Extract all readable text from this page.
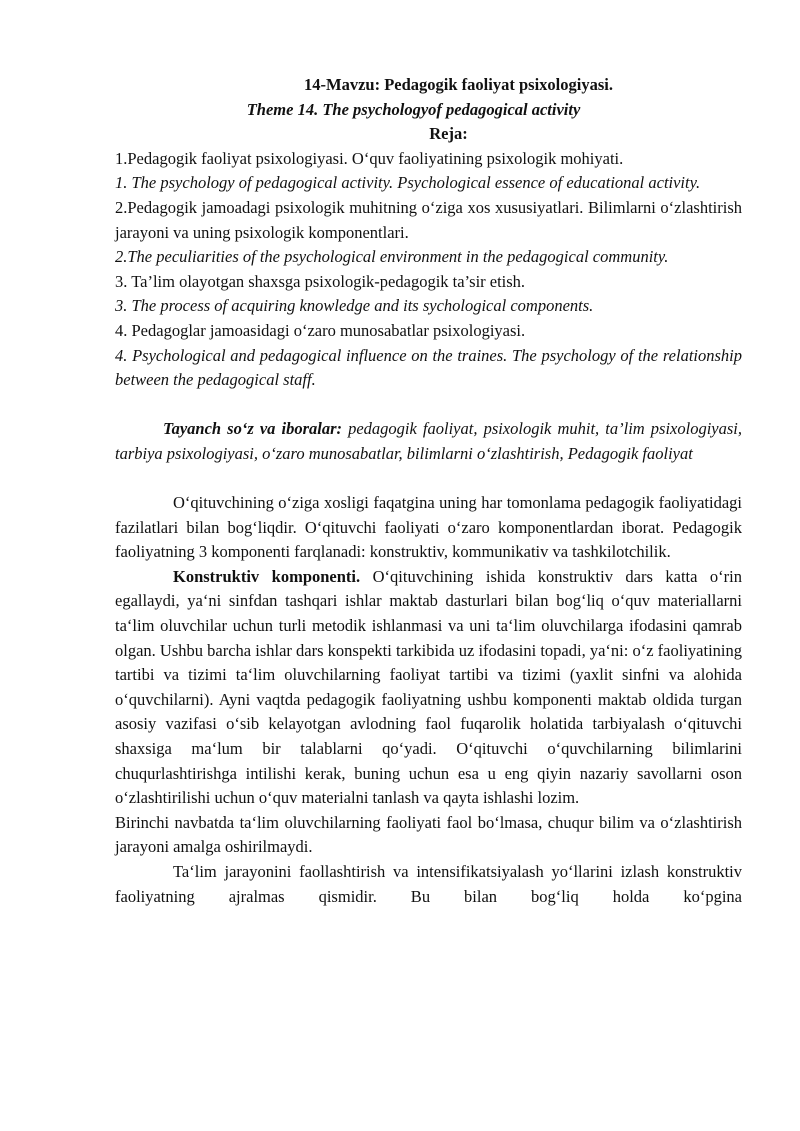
14-Mavzu: Pedagogik faoliyat psixologiyasi.
Theme 14. The psychologyof pedagogical activity
Reja:
1.Pedagogik faoliyat psixologiyasi. O‘quv faoliyatining psixologik mohiyati.
1. The psychology of pedagogical activity. Psychological essence of educational activity.
2.Pedagogik jamoadagi psixologik muhitning o‘ziga xos xususiyatlari. Bilimlarni o‘zlashtirish jarayoni va uning psixologik komponentlari.
2.The peculiarities of the psychological environment in the pedagogical community.
3. Ta’lim olayotgan shaxsga psixologik-pedagogik ta’sir etish.
3. The process of acquiring knowledge and its sychological components.
4. Pedagoglar jamoasidagi o‘zaro munosabatlar psixologiyasi.
4. Psychological and pedagogical influence on the traines. The psychology of the relationship between the pedagogical staff.
Tayanch so‘z va iboralar: pedagogik faoliyat, psixologik muhit, ta’lim psixologiyasi, tarbiya psixologiyasi, o‘zaro munosabatlar, bilimlarni o‘zlashtirish, Pedagogik faoliyat
O‘qituvchining o‘ziga xosligi faqatgina uning har tomonlama pedagogik faoliyatidagi fazilatlari bilan bog‘liqdir. O‘qituvchi faoliyati o‘zaro komponentlardan iborat. Pedagogik faoliyatning 3 komponenti farqlanadi: konstruktiv, kommunikativ va tashkilotchilik.
Konstruktiv komponenti. O‘qituvchining ishida konstruktiv dars katta o‘rin egallaydi, ya‘ni sinfdan tashqari ishlar maktab dasturlari bilan bog‘liq o‘quv materiallarni ta‘lim oluvchilar uchun turli metodik ishlanmasi va uni ta‘lim oluvchilarga ifodasini qamrab olgan. Ushbu barcha ishlar dars konspekti tarkibida uz ifodasini topadi, ya‘ni: o‘z faoliyatining tartibi va tizimi ta‘lim oluvchilarning faoliyat tartibi va tizimi (yaxlit sinfni va alohida o‘quvchilarni). Ayni vaqtda pedagogik faoliyatning ushbu komponenti maktab oldida turgan asosiy vazifasi o‘sib kelayotgan avlodning faol fuqarolik holatida tarbiyalash o‘qituvchi shaxsiga ma‘lum bir talablarni qo‘yadi. O‘qituvchi o‘quvchilarning bilimlarini chuqurlashtirishga intilishi kerak, buning uchun esa u eng qiyin nazariy savollarni oson o‘zlashtirilishi uchun o‘quv materialni tanlash va qayta ishlashi lozim.
Birinchi navbatda ta‘lim oluvchilarning faoliyati faol bo‘lmasa, chuqur bilim va o‘zlashtirish jarayoni amalga oshirilmaydi.
Ta‘lim jarayonini faollashtirish va intensifikatsiyalash yo‘llarini izlash konstruktiv faoliyatning ajralmas qismidir. Bu bilan bog‘liq holda ko‘pgina
